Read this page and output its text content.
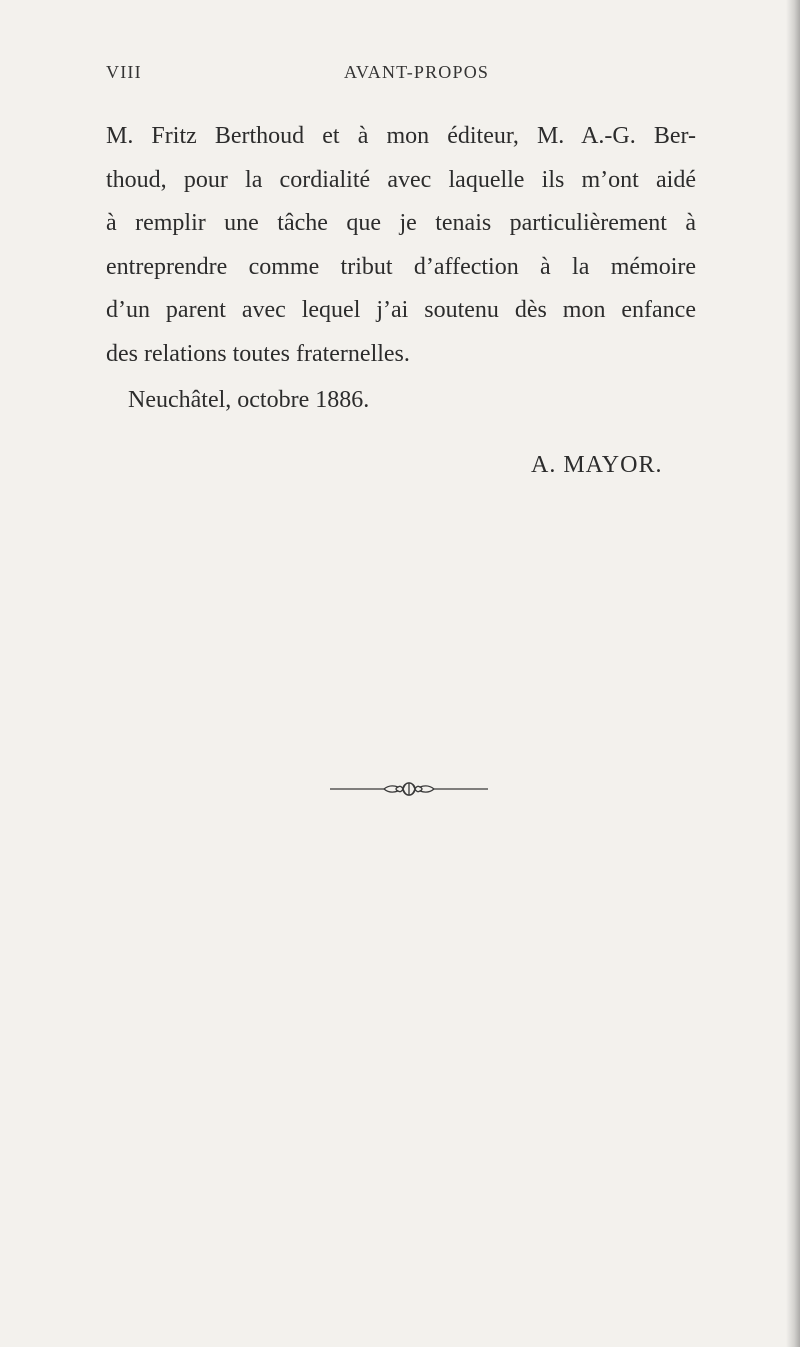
VIII	AVANT-PROPOS
M. Fritz Berthoud et à mon éditeur, M. A.-G. Ber-
thoud, pour la cordialité avec laquelle ils m’ont aidé
à remplir une tâche que je tenais particulièrement à
entreprendre comme tribut d’affection à la mémoire
d’un parent avec lequel j’ai soutenu dès mon enfance
des relations toutes fraternelles.
Neuchâtel, octobre 1886.
A. MAYOR.
